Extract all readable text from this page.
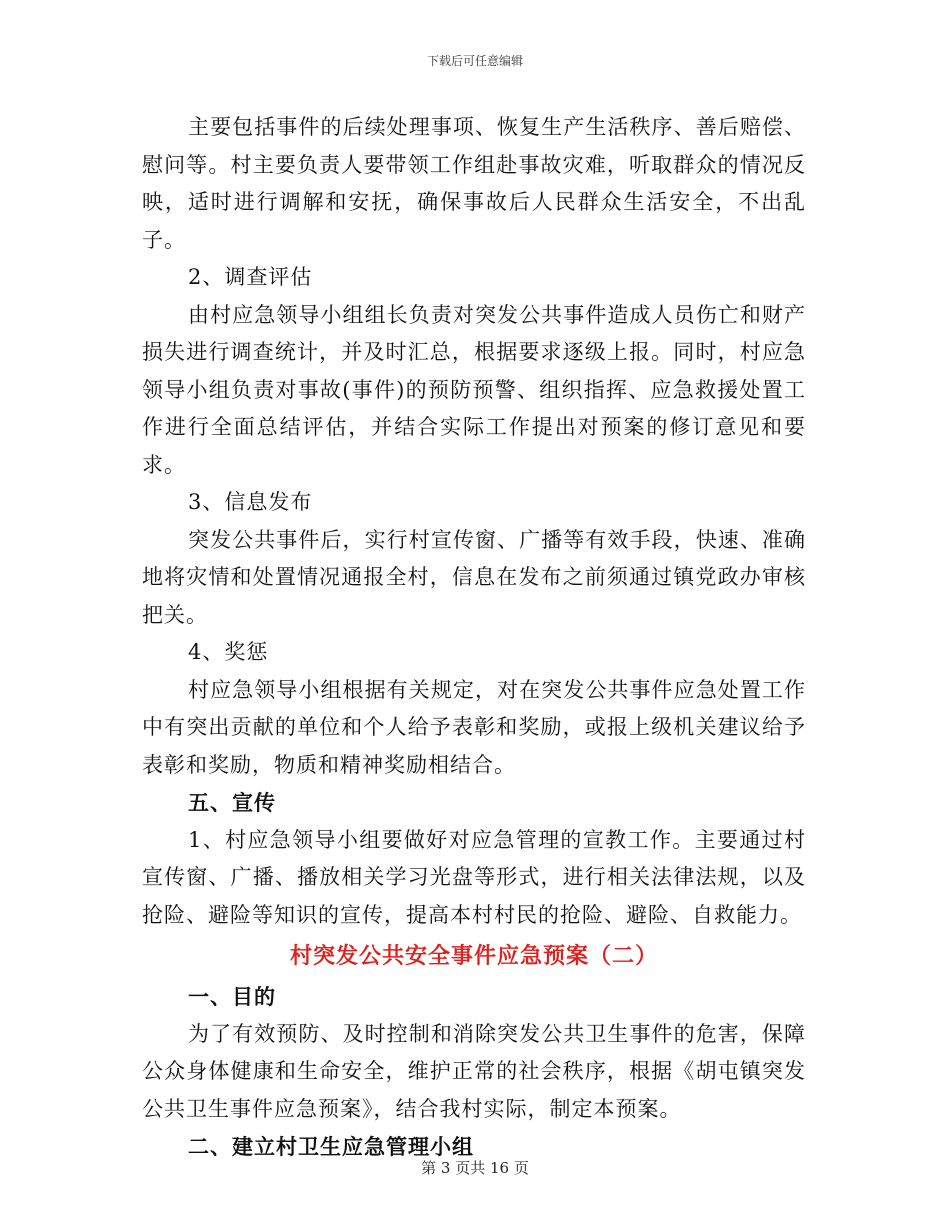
下载后可任意编辑

主要包括事件的后续处理事项、恢复生产生活秩序、善后赔偿、慰问等。村主要负责人要带领工作组赴事故灾难，听取群众的情况反映，适时进行调解和安抚，确保事故后人民群众生活安全，不出乱子。

2、调查评估

由村应急领导小组组长负责对突发公共事件造成人员伤亡和财产损失进行调查统计，并及时汇总，根据要求逐级上报。同时，村应急领导小组负责对事故(事件)的预防预警、组织指挥、应急救援处置工作进行全面总结评估，并结合实际工作提出对预案的修订意见和要求。

3、信息发布

突发公共事件后，实行村宣传窗、广播等有效手段，快速、准确地将灾情和处置情况通报全村，信息在发布之前须通过镇党政办审核把关。

4、奖惩

村应急领导小组根据有关规定，对在突发公共事件应急处置工作中有突出贡献的单位和个人给予表彰和奖励，或报上级机关建议给予表彰和奖励，物质和精神奖励相结合。

五、宣传

1、村应急领导小组要做好对应急管理的宣教工作。主要通过村宣传窗、广播、播放相关学习光盘等形式，进行相关法律法规，以及抢险、避险等知识的宣传，提高本村村民的抢险、避险、自救能力。

村突发公共安全事件应急预案（二）

一、目的

为了有效预防、及时控制和消除突发公共卫生事件的危害，保障公众身体健康和生命安全，维护正常的社会秩序，根据《胡屯镇突发公共卫生事件应急预案》，结合我村实际，制定本预案。

二、建立村卫生应急管理小组

第 3 页共 16 页
